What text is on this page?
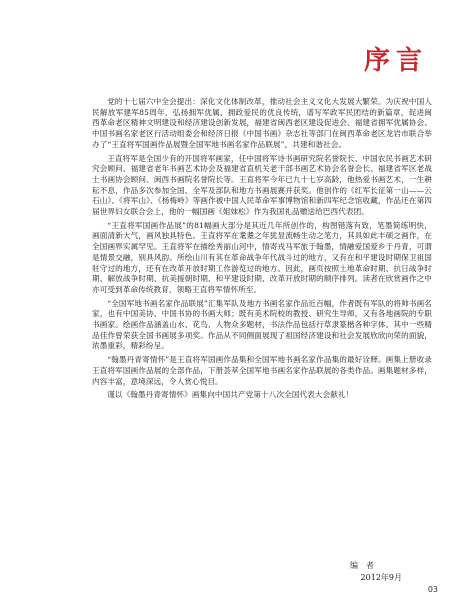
序言

党的十七届六中全会提出：深化文化体制改革，推动社会主义文化大发展大繁荣。为庆祝中国人民解放军建军85周年，弘扬拥军优属、拥政爱民的优良传统，谱写军政军民团结的新篇章，促进闽西革命老区精神文明建设和经济建设创新发展，福建省闽西老区建设促进会、福建省拥军优属协会、中国书画名家老区行活动组委会和经济日报《中国书画》杂志社等部门在闽西革命老区龙岩市联合举办了“王直将军国画作品展暨全国军地书画名家作品联展”，共建和谐社会。

王直将军是全国少有的开国将军画家，任中国将军诗书画研究院名誉院长、中国农民书画艺术研究会顾问、福建省老年书画艺术协会及福建省直机关老干部书画艺术协会名誉会长、福建省军区老战士书画协会顾问、闽西书画院名誉院长等。王直将军今年已九十七岁高龄，他热爱书画艺术，一生耕耘不息，作品多次参加全国、全军及部队和地方书画展赛并获奖。他创作的《红军长征第一山——云石山》、《将军山》、《杨梅岭》等画作被中国人民革命军事博物馆和新四军纪念馆收藏，作品还在第四届世界妇女联合会上，他的一幅国画《姐妹松》作为我国礼品赠送给巴西代表团。

“王直将军国画作品展”的81幅画大部分是其近几年所创作的，构图错落有致，笔墨简练明快，画面清新大气，画风独具特色。王直将军在耄耋之年犹显流畅生动之笔力，其具如此丰硕之画作，在全国画界实属罕见。王直将军在描绘秀丽山河中，情寄戎马军旅于翰墨，情融爱国爱乡于丹青，可谓是情景交融，别具风韵。所绘山川有其在革命战争年代战斗过的地方，又有在和平建设时期保卫祖国驻守过的地方，还有在改革开放时期工作游览过的地方。因此，画页按照土地革命时期、抗日战争时期、解放战争时期、抗美援朝时期、和平建设时期、改革开放时期的顺序排列。读者在欣赏画作之中亦可受到革命传统教育，领略王直将军情怀所至。

“全国军地书画名家作品联展”汇集军队及地方书画名家作品近百幅，作者既有军队的将帅书画名家，也有中国美协、中国书协的书画大师；既有美术院校的教授、研究生导师，又有各地画院的专职书画家。绘画作品涵盖山水、花鸟、人物众多题材，书法作品包括行草隶篆楷各种字体。其中一些精品佳作曾荣获全国书画展多项奖。作品从不同侧面展现了祖国经济建设和社会发展欣欣向荣的面貌，浓墨重彩，精彩纷呈。

“翰墨丹青寄情怀”是王直将军国画作品集和全国军地书画名家作品集的最好诠释。画集上册收录王直将军国画作品展的全部作品，下册荟萃全国军地书画名家作品联展的各类作品。画集题材多样，内容丰富，意境深远，令人赏心悦目。

谨以《翰墨丹青寄情怀》画集向中国共产党第十八次全国代表大会献礼！

编者
2012年9月
03
